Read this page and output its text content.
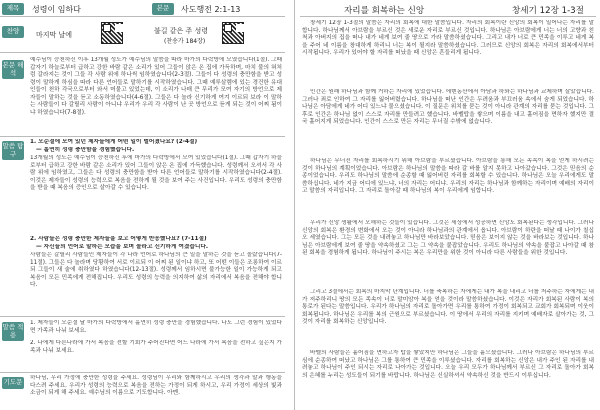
제목	성령이 임하다	본문	사도행전 2:1-13
찬양	마지막 날에	불길 같은 주 성령
(찬송가 184장)
본문 해석
예수님이 승천하신 이후 13개월 성도가 예수님의 말씀을 따라 마가의 다락방에 모였습니다(1절). 그때 갑자기 하늘로부터 급하고 강한 바람 같은 소리가 있어 그들이 앉은 온 집에 가득하며, 마치 불의 혀처럼 갈라지는 것이 그들 각 사람 위에 하나씩 임하였습니다(2-3절). 그들이 다 성령의 충만함을 받고 성령이 말하게 하심을 따라 다른 언어들로 말하기를 시작하였습니다. 그때 예루살렘에 있는 경건한 유대인들이 천하 각국으로부터 와서 머물고 있었는데, 이 소리가 나매 큰 무리가 모여 자기의 방언으로 제자들이 말하는 것을 듣고 소동하였습니다(4-6절). 그들은 다 놀라 신기하게 여겨 이르되 보라 이 말하는 사람들이 다 갈릴리 사람이 아니냐 우리가 우리 각 사람이 난 곳 방언으로 듣게 되는 것이 어찌 됨이냐 하였습니다(7-8절).
말씀 탐구
1. 오순절에 모여 있던 제자들에게 어떤 일이 벌어졌나요? (2-4절)
— 홀연히 성령 충만함을 경험했습니다.
13개월의 성도는 예수님이 승천하신 후에 마가의 다락방에서 모여 있었습니다(1절). 그때 갑자기 하늘로부터 급하고 강한 바람 같은 소리가 있어 그들이 앉은 온 집에 가득했습니다. 성령께서 오셔서 각 사람 위에 임하였고, 그들은 다 성령의 충만함을 받아 다른 언어들로 말하기를 시작하였습니다(2-4절). 이것은 제자들이 성령의 능력으로 복음을 전하게 될 것을 보여 주는 사건입니다. 우리도 성령의 충만함을 받을 때 복음의 증인으로 살아갈 수 있습니다.
2. 사람들은 성령 충만한 제자들을 보고 어떻게 반응했나요? (7-11절)
— 자신들의 언어로 말하는 모습을 보며 놀라고 신기하게 여겼습니다.
사람들은 갈릴리 사람들인 제자들이 각 나라 언어로 하나님의 큰 일을 말하는 것을 듣고 놀랐습니다(7-11절). 그들은 다 놀라며 당황하여 서로 이르되 이 어찌 된 일이냐 하고, 또 어떤 이들은 조롱하여 이르되 그들이 새 술에 취하였다 하였습니다(12-13절). 성령께서 임하시면 불가능한 일이 가능하게 되고 복음이 모든 민족에게 전해집니다. 우리도 성령의 능력을 의지하여 삶의 자리에서 복음을 전해야 합니다.
말씀 적용
1. 제자들이 오순절 날 마가의 다락방에서 홀연히 성령 충만을 경험했습니다. 나도 그런 경험이 있었다면 가족과 나눠 보세요.
2. 나에게 다른나라에 가서 복음을 전할 기회가 주어진다면 어느 나라에 가서 복음을 전하고 싶은지 가족과 나눠 보세요.
기도문 하나님, 우리 가정에 충만한 성령을 주세요. 성령님이 우리와 함께하시고 우리의 생각과 말과 행동을 다스려 주세요. 우리가 성령의 능력으로 복음을 전하는 가정이 되게 하시고, 우리 가정이 세상의 빛과 소금이 되게 해 주세요. 예수님의 이름으로 기도합니다. 아멘.
자리를 회복하는 신앙	창세기 12장 1-3절
창세기 12장 1-3절의 말씀은 자리의 회복에 대한 말씀입니다. 자리의 회복이란 신앙의 회복이 일어나는 자리를 말합니다. 하나님께서 아브람을 부르신 것은 새로운 자리로 부르신 것입니다. 하나님은 아브람에게 너는 너의 고향과 친척과 아버지의 집을 떠나 내가 네게 보여 줄 땅으로 가라 말씀하셨습니다. 그리고 내가 너로 큰 민족을 이루고 네게 복을 주어 네 이름을 창대하게 하리니 너는 복이 될지라 말씀하셨습니다. 그러므로 신앙의 회복은 자리의 회복에서부터 시작됩니다. 우리가 있어야 할 자리를 떠났을 때 신앙은 흔들리게 됩니다.
인간은 원래 하나님과 함께 거하는 자리에 있었습니다. 에덴동산에서 아담과 하와는 하나님과 교제하며 살았습니다. 그러나 죄로 인하여 그 자리를 잃어버렸습니다. 하나님을 떠난 인간은 두려움과 부끄러움 속에서 숨게 되었습니다. 하나님은 아담에게 네가 어디 있느냐 물으셨습니다. 이 질문은 위치를 묻는 것이 아니라 관계의 자리를 묻는 것입니다. 그 후로 인간은 하나님 없이 스스로 자리를 만들려고 했습니다. 바벨탑을 쌓으며 이름을 내고 흩어짐을 면하자 했지만 결국 흩어지게 되었습니다. 인간이 스스로 만든 자리는 무너질 수밖에 없습니다.
하나님은 무너진 자리를 회복하시기 위해 아브람을 부르셨습니다. 아브람을 통해 모든 족속이 복을 얻게 하시려는 것이 하나님의 계획이었습니다. 아브람은 하나님의 말씀을 따라 갈 바를 알지 못하고 나아갔습니다. 그것은 믿음의 순종이었습니다. 우리도 하나님의 말씀에 순종할 때 잃어버린 자리를 회복할 수 있습니다. 하나님은 오늘 우리에게도 말씀하십니다. 네가 지금 어디에 있느냐, 너의 자리는 어디냐. 우리의 자리는 하나님과 함께하는 자리이며 예배의 자리이고 말씀의 자리입니다. 그 자리로 돌아갈 때 하나님의 복이 우리에게 임합니다.
우리가 신앙 생활에서 오해하는 것들이 있습니다. 그것은 세상에서 성공하면 신앙도 회복된다는 생각입니다. 그러나 신앙의 회복은 환경의 변화에서 오는 것이 아니라 하나님과의 관계에서 옵니다. 아브람이 하란을 떠날 때 나이가 칠십오 세였습니다. 그는 모든 것을 내려놓고 하나님만 바라보았습니다. 믿음은 보이지 않는 것을 바라보는 것입니다. 하나님은 아브람에게 보여 줄 땅을 약속하셨고 그는 그 약속을 붙잡았습니다. 우리도 하나님의 약속을 붙잡고 나아갈 때 참된 회복을 경험하게 됩니다. 하나님이 주시는 복은 우리만을 위한 것이 아니라 다른 사람들을 위한 것입니다.
그리고 3절에서는 회복의 마지막 단계입니다. 너를 축복하는 자에게는 내가 복을 내리고 너를 저주하는 자에게는 내가 저주하리니 땅의 모든 족속이 너로 말미암아 복을 얻을 것이라 말씀하셨습니다. 이것은 자리가 회복된 사람이 복의 통로가 된다는 말씀입니다. 우리가 하나님의 자리로 돌아가면 우리를 통하여 가정이 회복되고 교회가 회복되며 이웃이 회복됩니다. 하나님은 우리를 복의 근원으로 부르셨습니다. 이 땅에서 우리의 자리를 지키며 예배자로 살아가는 것, 그것이 자리를 회복하는 신앙입니다.
바벨의 사람들은 흩어짐을 면하고자 탑을 쌓았지만 하나님은 그들을 흩으셨습니다. 그러나 아브람은 하나님의 부르심에 순종하여 떠났고 하나님은 그를 통하여 큰 민족을 이루셨습니다. 자리를 회복하는 신앙은 내가 주인 된 자리를 내려놓고 하나님이 주인 되시는 자리로 나아가는 것입니다. 오늘 우리 모두가 하나님께서 부르신 그 자리로 돌아가 회복의 은혜를 누리는 성도들이 되기를 바랍니다. 하나님은 신실하셔서 약속하신 것을 반드시 이루십니다.
